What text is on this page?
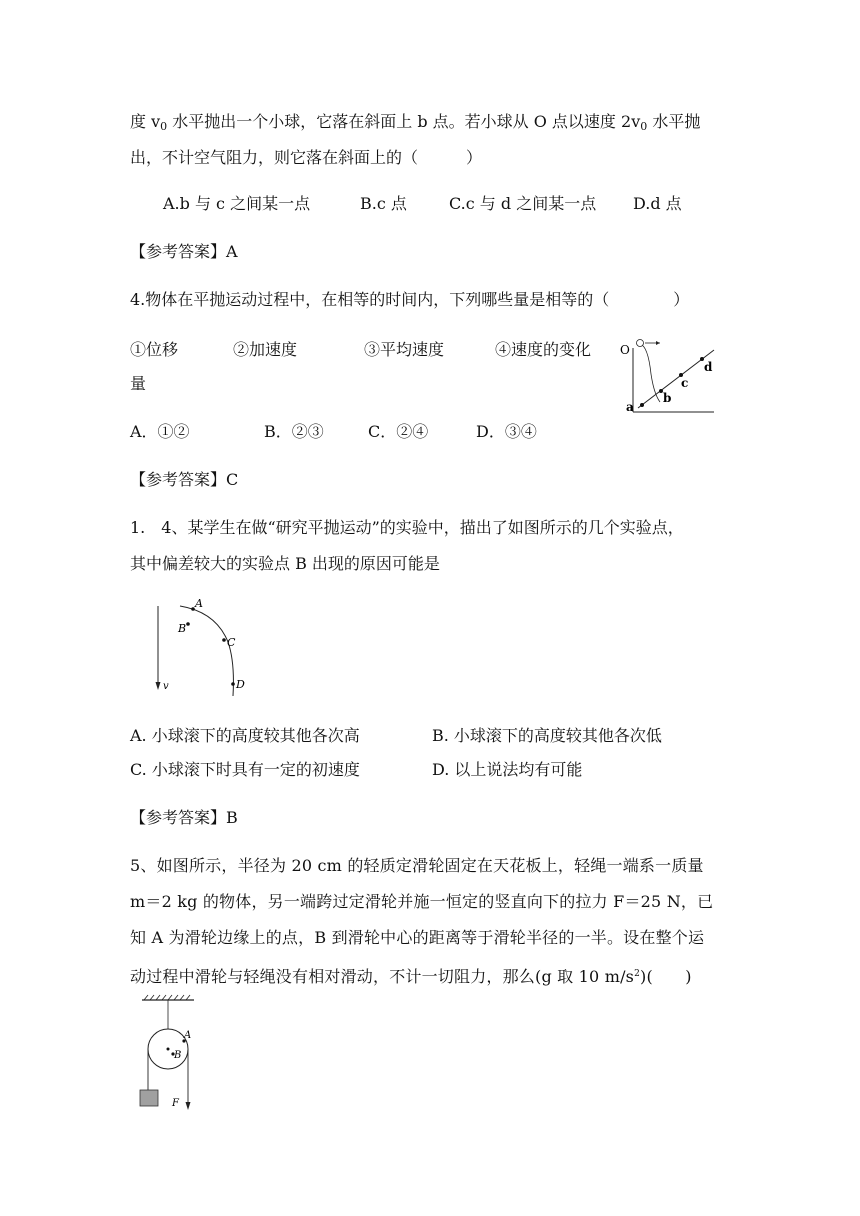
度 $v_0$ 水平抛出一个小球，它落在斜面上 b 点。若小球从 O 点以速度 $2v_0$ 水平抛
出，不计空气阻力，则它落在斜面上的（　　　）
A.b 与 c 之间某一点	B.c 点	C.c 与 d 之间某一点 D.d 点
【参考答案】A
4.物体在平抛运动过程中，在相等的时间内，下列哪些量是相等的（　　　　）
①位移	②加速度	③平均速度	④速度的变化
量
A．①②	B．②③	C．②④	D．③④
O
a
b
c
d
【参考答案】C
1.　4、某学生在做“研究平抛运动”的实验中，描出了如图所示的几个实验点，
其中偏差较大的实验点 B 出现的原因可能是
v
A
B
C
D
A. 小球滚下的高度较其他各次高	B. 小球滚下的高度较其他各次低
C. 小球滚下时具有一定的初速度	D. 以上说法均有可能
【参考答案】B
5、如图所示，半径为 20 cm 的轻质定滑轮固定在天花板上，轻绳一端系一质量
m＝2 kg 的物体，另一端跨过定滑轮并施一恒定的竖直向下的拉力 F＝25 N，已
知 A 为滑轮边缘上的点，B 到滑轮中心的距离等于滑轮半径的一半。设在整个运
动过程中滑轮与轻绳没有相对滑动，不计一切阻力，那么(g 取 10 $m/s^2$)(　　)
A
B
F
